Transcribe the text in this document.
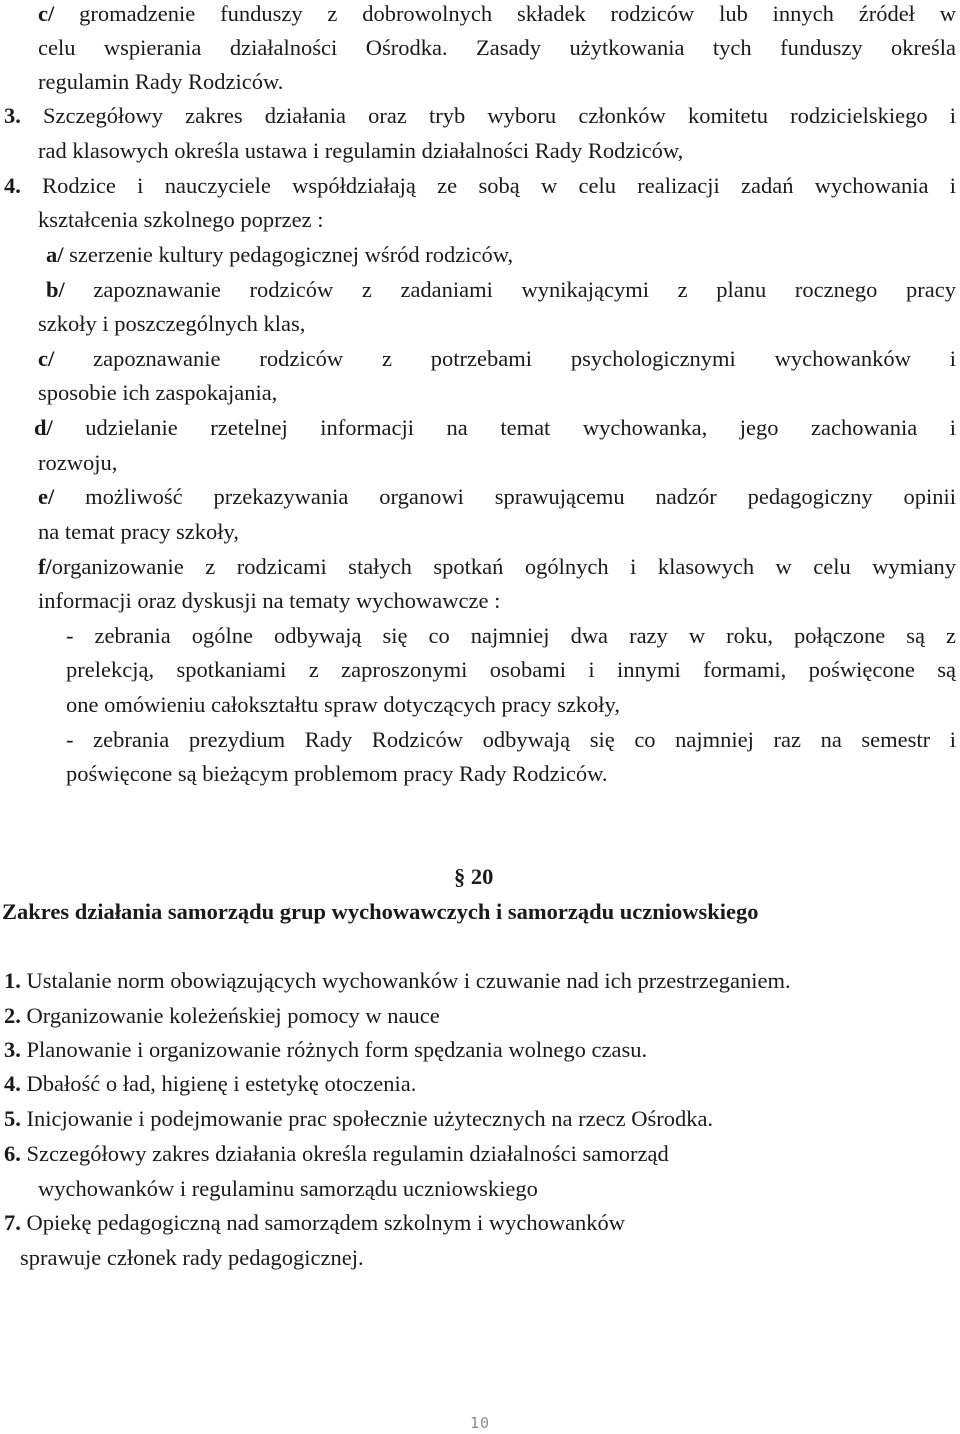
c/ gromadzenie funduszy z dobrowolnych składek rodziców lub innych źródeł w
celu wspierania działalności Ośrodka. Zasady użytkowania tych funduszy określa
regulamin Rady Rodziców.
3. Szczegółowy zakres działania oraz tryb wyboru członków komitetu rodzicielskiego i
rad klasowych określa ustawa i regulamin działalności Rady Rodziców,
4. Rodzice i nauczyciele współdziałają ze sobą w celu realizacji zadań wychowania i
kształcenia szkolnego poprzez :
a/ szerzenie kultury pedagogicznej wśród rodziców,
b/ zapoznawanie rodziców z zadaniami wynikającymi z planu rocznego pracy
szkoły i poszczególnych klas,
c/ zapoznawanie rodziców z potrzebami psychologicznymi wychowanków i
sposobie ich zaspokajania,
d/ udzielanie rzetelnej informacji na temat wychowanka, jego zachowania i
rozwoju,
e/ możliwość przekazywania organowi sprawującemu nadzór pedagogiczny opinii
na temat pracy szkoły,
f/organizowanie z rodzicami stałych spotkań ogólnych i klasowych w celu wymiany
informacji oraz dyskusji na tematy wychowawcze :
- zebrania ogólne odbywają się co najmniej dwa razy w roku, połączone są z
prelekcją, spotkaniami z zaproszonymi osobami i innymi formami, poświęcone są
one omówieniu całokształtu spraw dotyczących pracy szkoły,
- zebrania prezydium Rady Rodziców odbywają się co najmniej raz na semestr i
poświęcone są bieżącym problemom pracy Rady Rodziców.
§ 20
Zakres działania samorządu grup wychowawczych i samorządu uczniowskiego
1. Ustalanie norm obowiązujących wychowanków i czuwanie nad ich przestrzeganiem.
2. Organizowanie koleżeńskiej pomocy w nauce
3. Planowanie i organizowanie różnych form spędzania wolnego czasu.
4. Dbałość o ład, higienę i estetykę otoczenia.
5. Inicjowanie i podejmowanie prac społecznie użytecznych na rzecz Ośrodka.
6. Szczegółowy zakres działania określa regulamin działalności samorząd
wychowanków i regulaminu samorządu uczniowskiego
7. Opiekę pedagogiczną nad samorządem szkolnym i wychowanków
sprawuje członek rady pedagogicznej.
10
